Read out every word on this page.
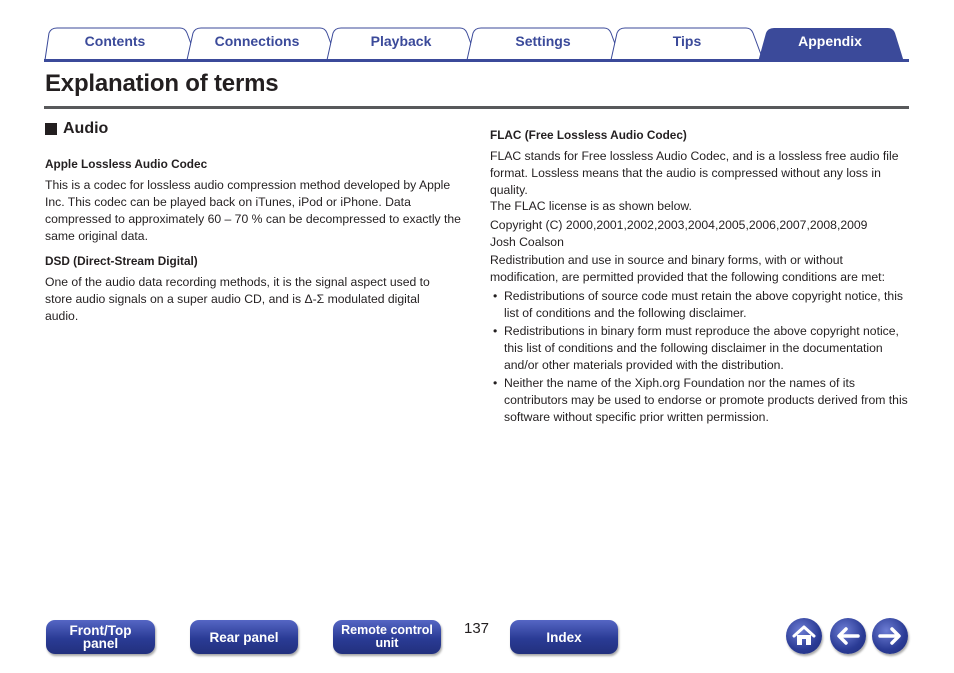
Contents	Connections	Playback	Settings	Tips	Appendix
Explanation of terms
Audio
Apple Lossless Audio Codec

This is a codec for lossless audio compression method developed by Apple Inc. This codec can be played back on iTunes, iPod or iPhone. Data compressed to approximately 60 – 70 % can be decompressed to exactly the same original data.

DSD (Direct-Stream Digital)

One of the audio data recording methods, it is the signal aspect used to store audio signals on a super audio CD, and is Δ-Σ modulated digital audio.

FLAC (Free Lossless Audio Codec)

FLAC stands for Free lossless Audio Codec, and is a lossless free audio file format. Lossless means that the audio is compressed without any loss in quality.

The FLAC license is as shown below.

Copyright (C) 2000,2001,2002,2003,2004,2005,2006,2007,2008,2009 Josh Coalson

Redistribution and use in source and binary forms, with or without modification, are permitted provided that the following conditions are met:

• Redistributions of source code must retain the above copyright notice, this list of conditions and the following disclaimer.
• Redistributions in binary form must reproduce the above copyright notice, this list of conditions and the following disclaimer in the documentation and/or other materials provided with the distribution.
• Neither the name of the Xiph.org Foundation nor the names of its contributors may be used to endorse or promote products derived from this software without specific prior written permission.
Front/Top
panel	Rear panel	Remote control
unit
137	Index
